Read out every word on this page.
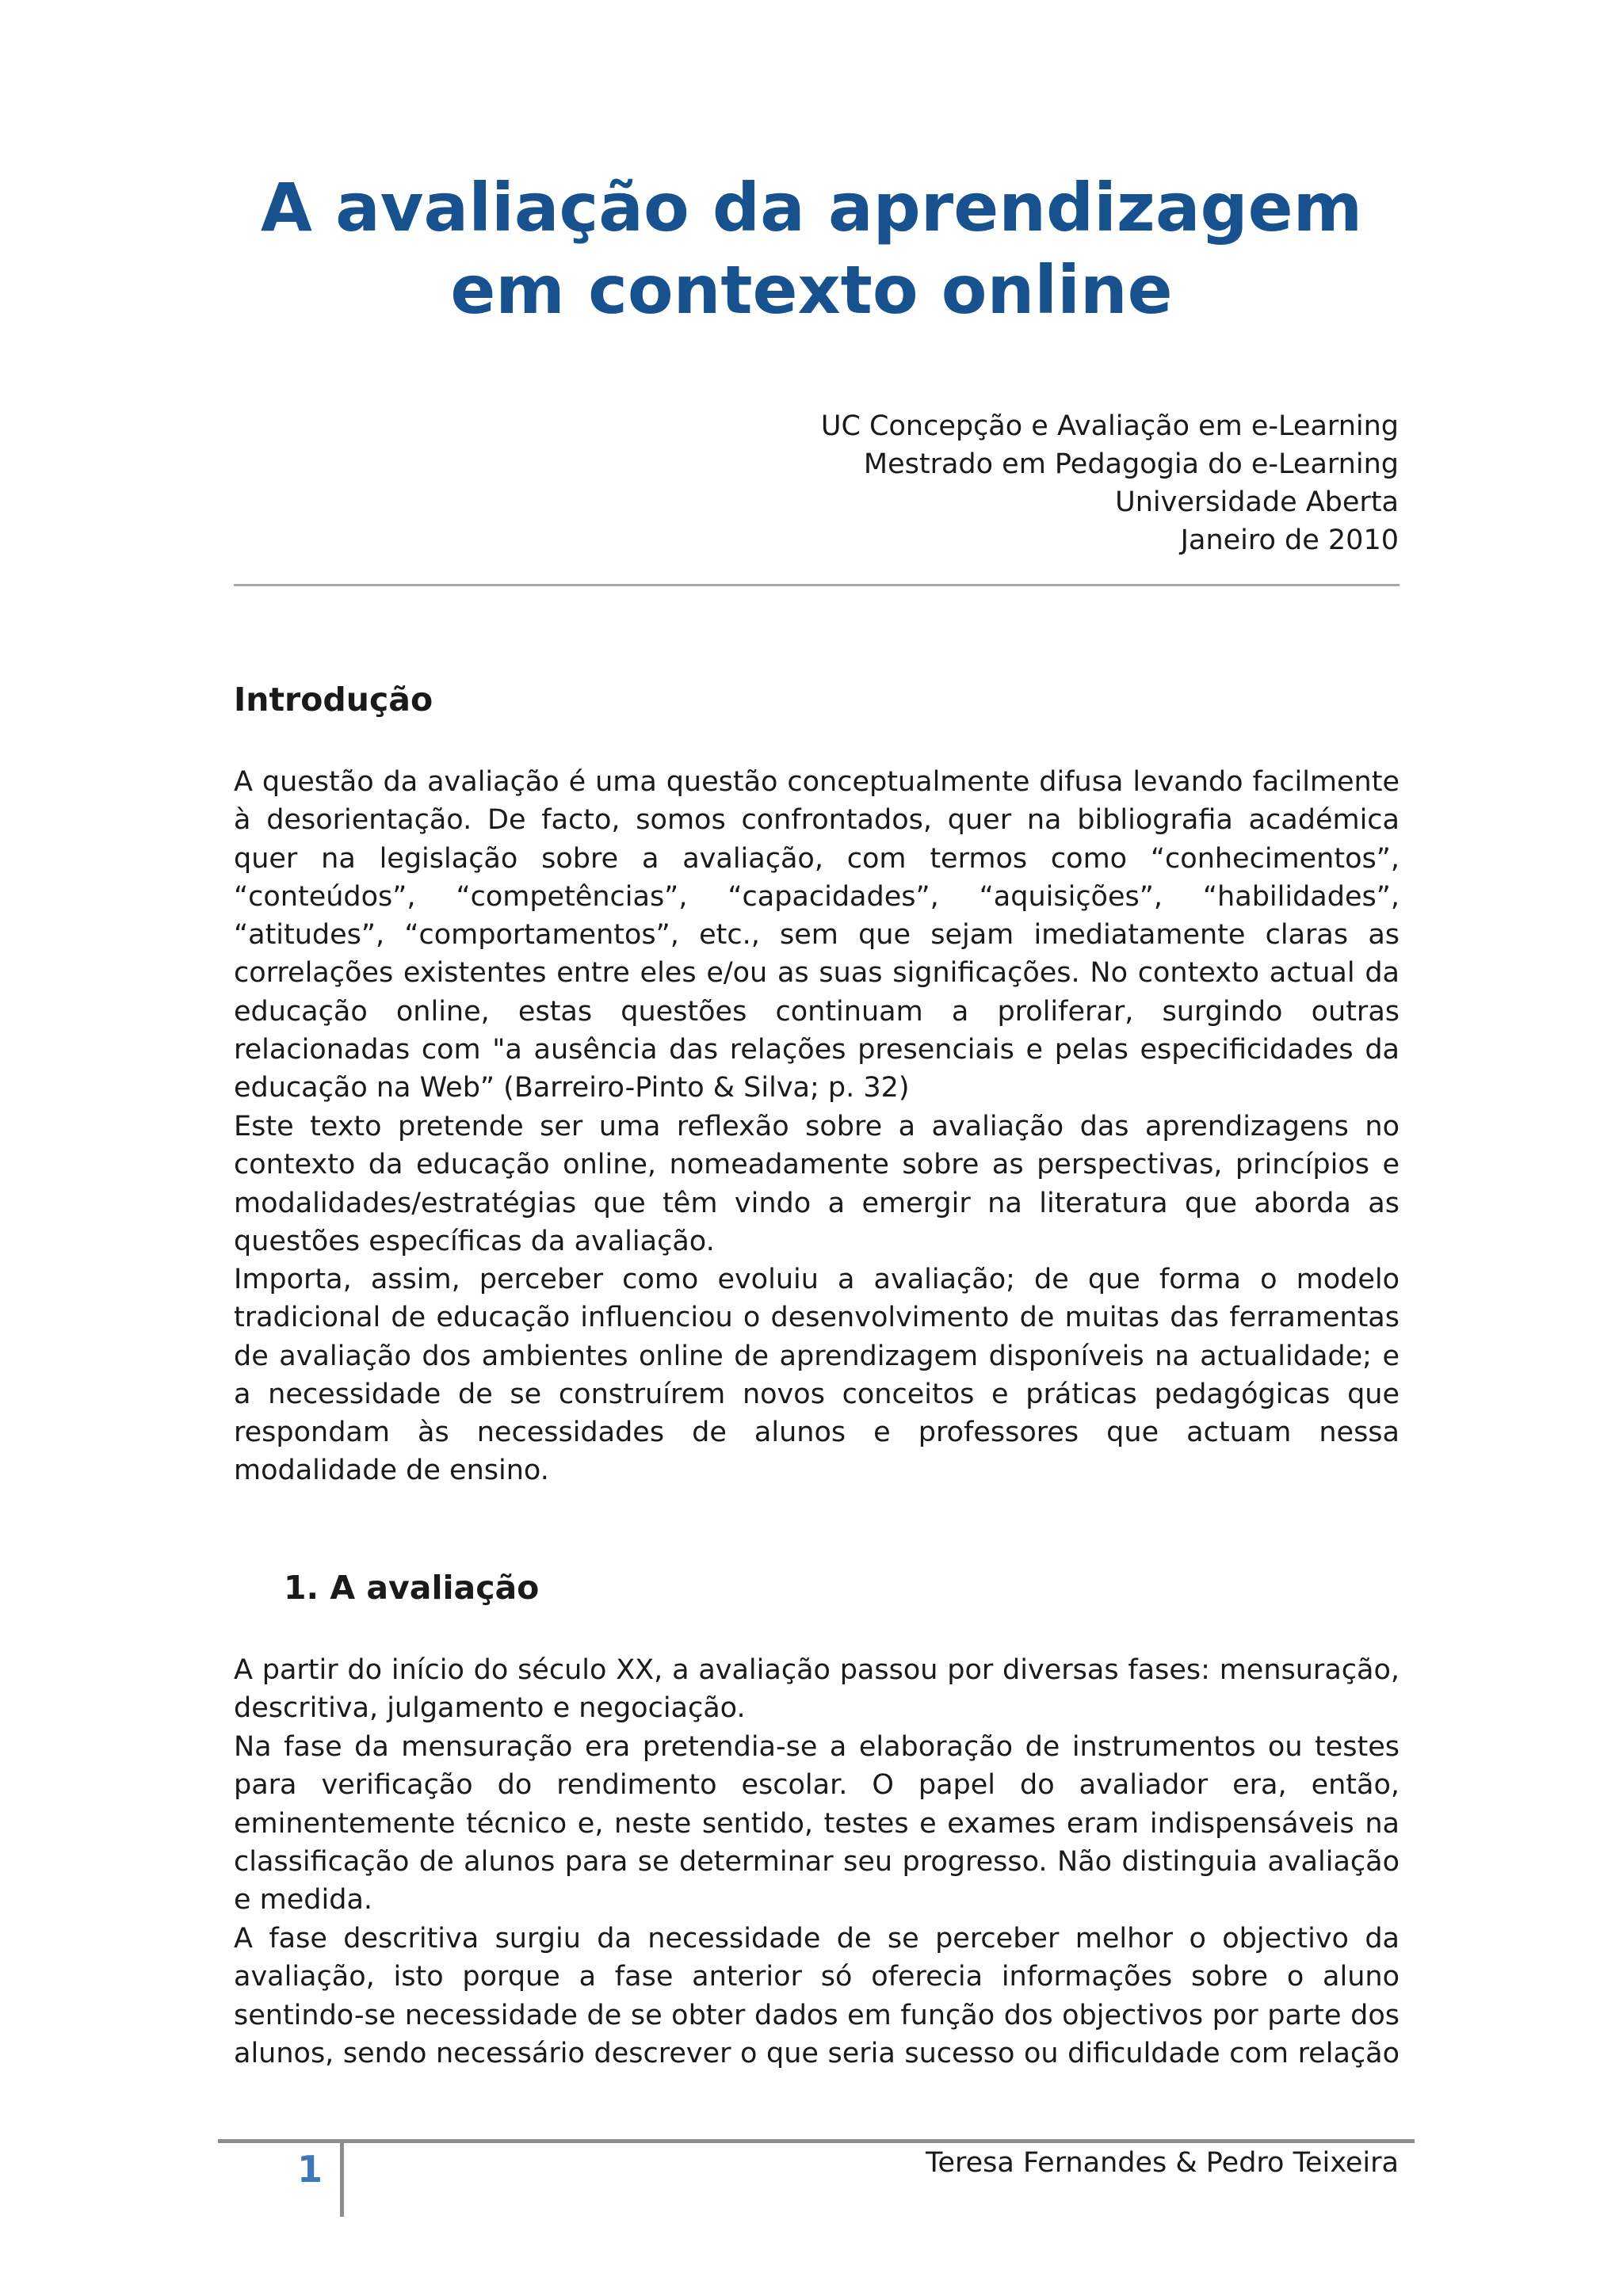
A avaliação da aprendizagem
em contexto online
UC Concepção e Avaliação em e-Learning
Mestrado em Pedagogia do e-Learning
Universidade Aberta
Janeiro de 2010
Introdução

A questão da avaliação é uma questão conceptualmente difusa levando facilmente à desorientação. De facto, somos confrontados, quer na bibliografia académica quer na legislação sobre a avaliação, com termos como “conhecimentos”, “conteúdos”, “competências”, “capacidades”, “aquisições”, “habilidades”, “atitudes”, “comportamentos”, etc., sem que sejam imediatamente claras as correlações existentes entre eles e/ou as suas significações. No contexto actual da educação online, estas questões continuam a proliferar, surgindo outras relacionadas com "a ausência das relações presenciais e pelas especificidades da educação na Web” (Barreiro-Pinto & Silva; p. 32)

Este texto pretende ser uma reflexão sobre a avaliação das aprendizagens no contexto da educação online, nomeadamente sobre as perspectivas, princípios e modalidades/estratégias que têm vindo a emergir na literatura que aborda as questões específicas da avaliação.

Importa, assim, perceber como evoluiu a avaliação; de que forma o modelo tradicional de educação influenciou o desenvolvimento de muitas das ferramentas de avaliação dos ambientes online de aprendizagem disponíveis na actualidade; e a necessidade de se construírem novos conceitos e práticas pedagógicas que respondam às necessidades de alunos e professores que actuam nessa modalidade de ensino.

1. A avaliação

A partir do início do século XX, a avaliação passou por diversas fases: mensuração, descritiva, julgamento e negociação.

Na fase da mensuração era pretendia-se a elaboração de instrumentos ou testes para verificação do rendimento escolar. O papel do avaliador era, então, eminentemente técnico e, neste sentido, testes e exames eram indispensáveis na classificação de alunos para se determinar seu progresso. Não distinguia avaliação e medida.

A fase descritiva surgiu da necessidade de se perceber melhor o objectivo da avaliação, isto porque a fase anterior só oferecia informações sobre o aluno sentindo-se necessidade de se obter dados em função dos objectivos por parte dos alunos, sendo necessário descrever o que seria sucesso ou dificuldade com relação

1	Teresa Fernandes & Pedro Teixeira
